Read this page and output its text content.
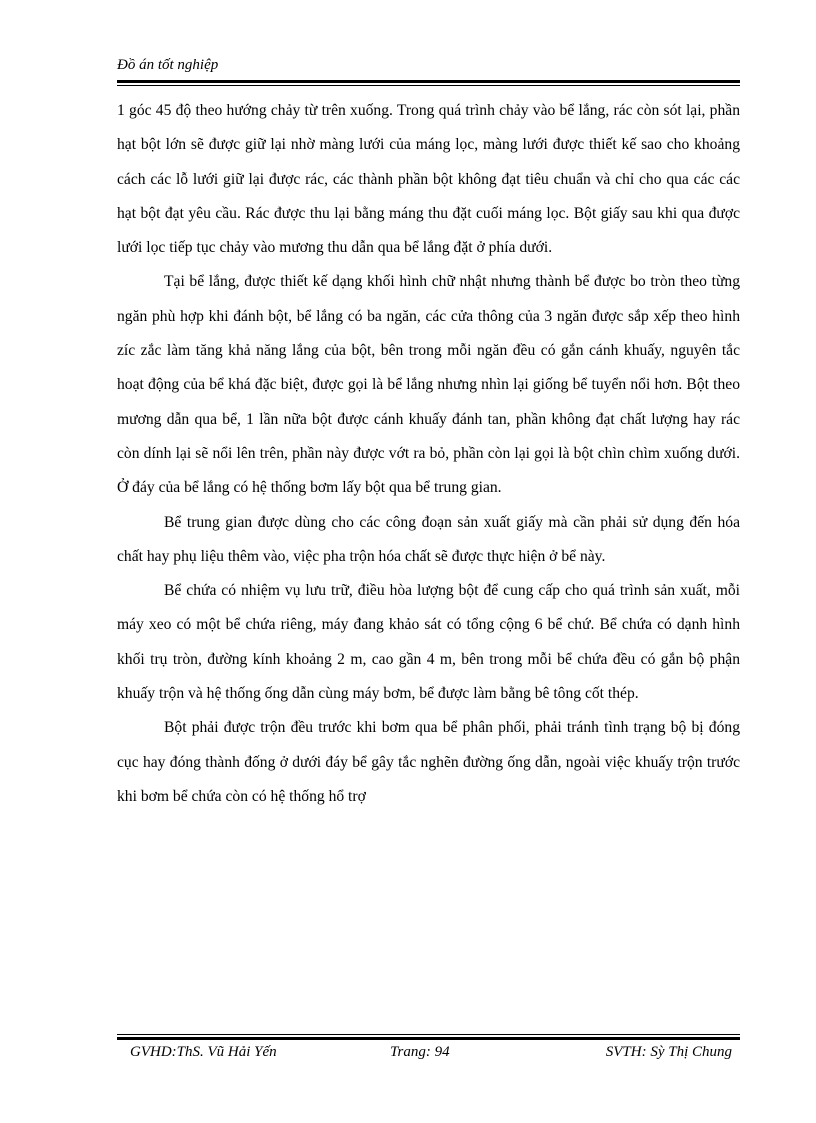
Đồ án tốt nghiệp

1 góc 45 độ theo hướng chảy từ trên xuống. Trong quá trình chảy vào bể lắng, rác còn sót lại, phần hạt bột lớn sẽ được giữ lại nhờ màng lưới của máng lọc, màng lưới được thiết kế sao cho khoảng cách các lỗ lưới giữ lại được rác, các thành phần bột không đạt tiêu chuẩn và chỉ cho qua các các hạt bột đạt yêu cầu. Rác được thu lại bằng máng thu đặt cuối máng lọc. Bột giấy sau khi qua được lưới lọc tiếp tục chảy vào mương thu dẫn qua bể lắng đặt ở phía dưới.

Tại bể lắng, được thiết kế dạng khối hình chữ nhật nhưng thành bể được bo tròn theo từng ngăn phù hợp khi đánh bột, bể lắng có ba ngăn, các cửa thông của 3 ngăn được sắp xếp theo hình zíc zắc làm tăng khả năng lắng của bột, bên trong mỗi ngăn đều có gắn cánh khuấy, nguyên tắc hoạt động của bể khá đặc biệt, được gọi là bể lắng nhưng nhìn lại giống bể tuyển nổi hơn. Bột theo mương dẫn qua bể, 1 lần nữa bột được cánh khuấy đánh tan, phần không đạt chất lượng hay rác còn dính lại sẽ nổi lên trên, phần này được vớt ra bỏ, phần còn lại gọi là bột chìn chìm xuống dưới. Ở đáy của bể lắng có hệ thống bơm lấy bột qua bể trung gian.

Bể trung gian được dùng cho các công đoạn sản xuất giấy mà cần phải sử dụng đến hóa chất hay phụ liệu thêm vào, việc pha trộn hóa chất sẽ được thực hiện ở bể này.

Bể chứa có nhiệm vụ lưu trữ, điều hòa lượng bột để cung cấp cho quá trình sản xuất, mỗi máy xeo có một bể chứa riêng, máy đang khảo sát có tổng cộng 6 bể chứ. Bể chứa có dạnh hình khối trụ tròn, đường kính khoảng 2 m, cao gần 4 m, bên trong mỗi bể chứa đều có gắn bộ phận khuấy trộn và hệ thống ống dẫn cùng máy bơm, bể được làm bằng bê tông cốt thép.

Bột phải được trộn đều trước khi bơm qua bể phân phối, phải tránh tình trạng bộ bị đóng cục hay đóng thành đống ở dưới đáy bể gây tắc nghẽn đường ống dẫn, ngoài việc khuấy trộn trước khi bơm bể chứa còn có hệ thống hổ trợ

GVHD:ThS. Vũ Hải Yến	Trang: 94	SVTH: Sỳ Thị Chung
